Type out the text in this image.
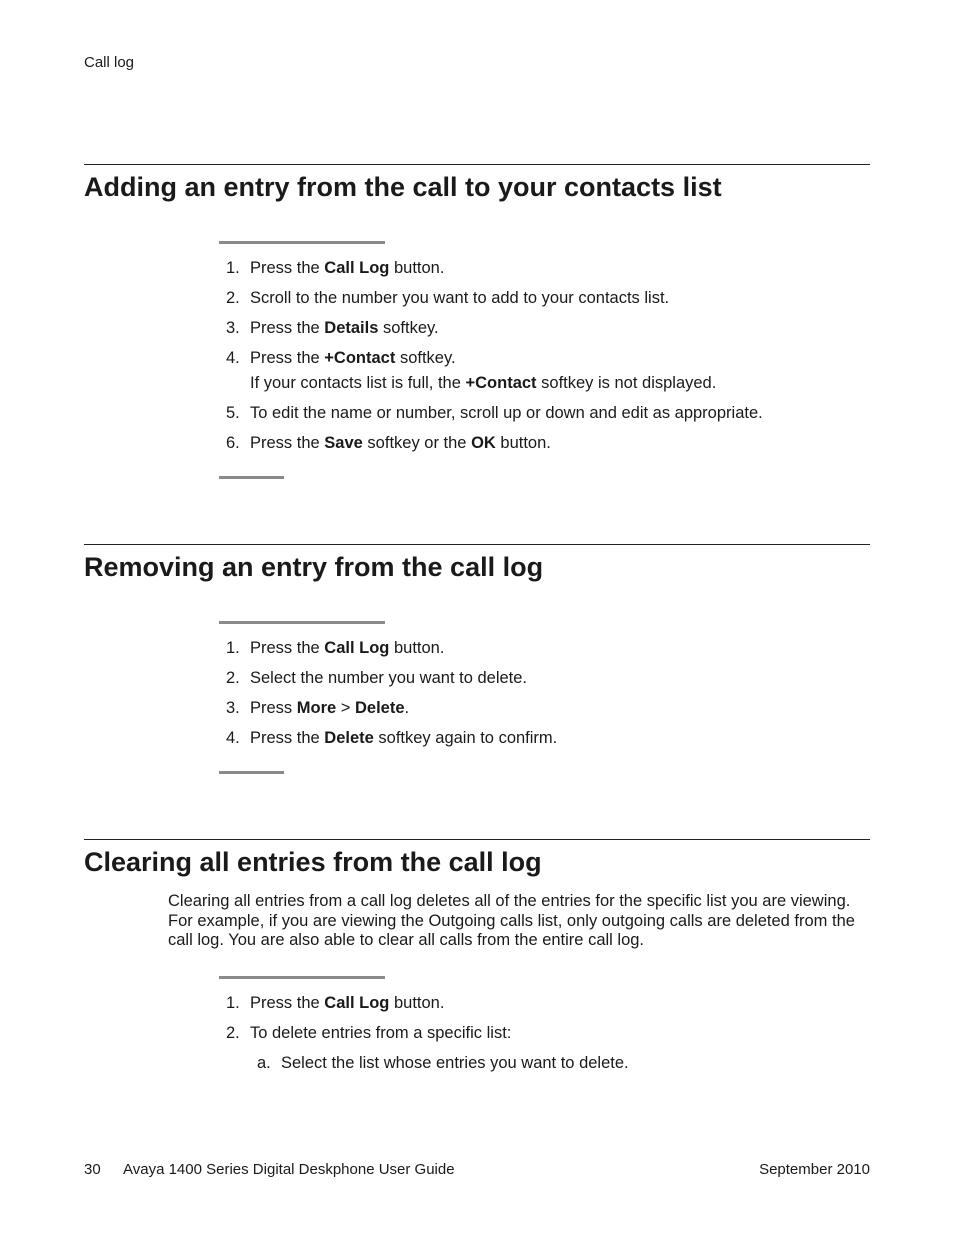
Call log
Adding an entry from the call to your contacts list
1. Press the Call Log button.
2. Scroll to the number you want to add to your contacts list.
3. Press the Details softkey.
4. Press the +Contact softkey.
If your contacts list is full, the +Contact softkey is not displayed.
5. To edit the name or number, scroll up or down and edit as appropriate.
6. Press the Save softkey or the OK button.
Removing an entry from the call log
1. Press the Call Log button.
2. Select the number you want to delete.
3. Press More > Delete.
4. Press the Delete softkey again to confirm.
Clearing all entries from the call log

Clearing all entries from a call log deletes all of the entries for the specific list you are viewing. For example, if you are viewing the Outgoing calls list, only outgoing calls are deleted from the call log. You are also able to clear all calls from the entire call log.

1. Press the Call Log button.
2. To delete entries from a specific list:
a. Select the list whose entries you want to delete.
30 Avaya 1400 Series Digital Deskphone User Guide	September 2010
